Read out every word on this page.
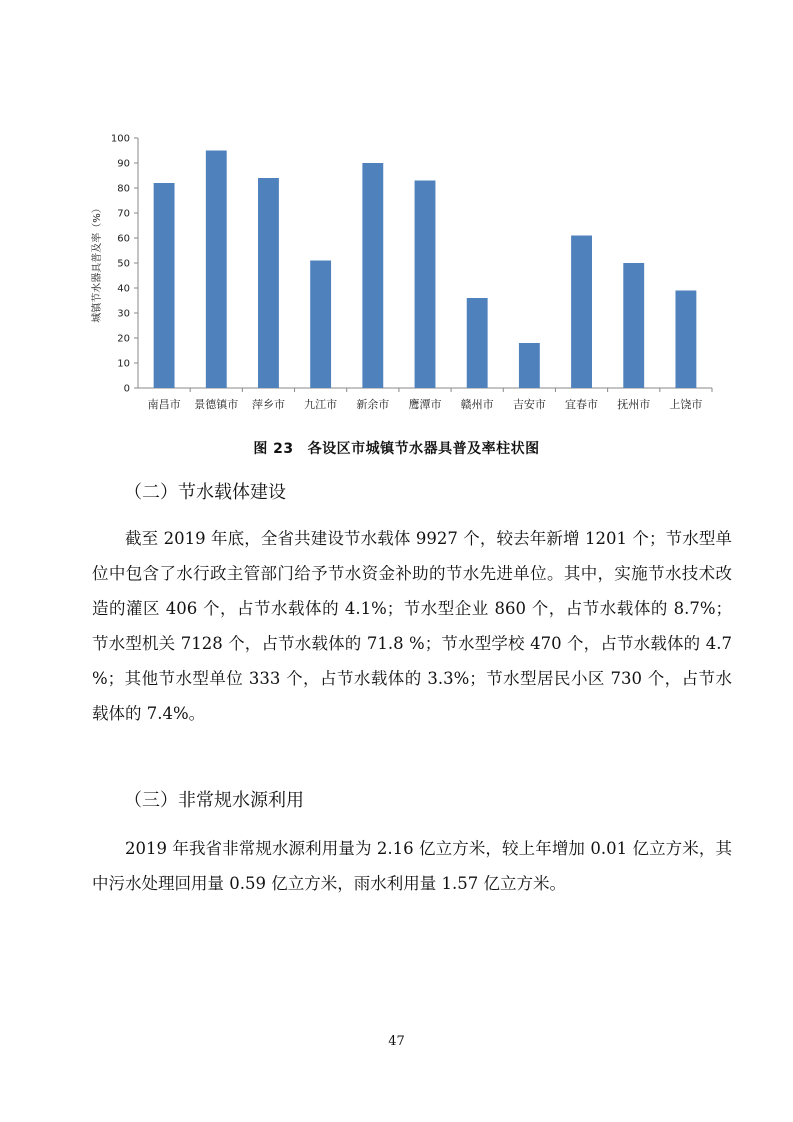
0
10
20
30
40
50
60
70
80
90
100
城镇节水器具普及率（%）
南昌市 景德镇市 萍乡市 九江市 新余市 鹰潭市 赣州市 吉安市 宜春市 抚州市 上饶市
图 23 各设区市城镇节水器具普及率柱状图
（二）节水载体建设
截至 2019 年底，全省共建设节水载体 9927 个，较去年新增 1201 个；节水型单位中包含了水行政主管部门给予节水资金补助的节水先进单位。其中，实施节水技术改造的灌区 406 个，占节水载体的 4.1%；节水型企业 860 个，占节水载体的 8.7%；节水型机关 7128 个，占节水载体的 71.8 %；节水型学校 470 个，占节水载体的 4.7 %；其他节水型单位 333 个，占节水载体的 3.3%；节水型居民小区 730 个，占节水载体的 7.4%。
（三）非常规水源利用
2019 年我省非常规水源利用量为 2.16 亿立方米，较上年增加 0.01 亿立方米，其中污水处理回用量 0.59 亿立方米，雨水利用量 1.57 亿立方米。
47
